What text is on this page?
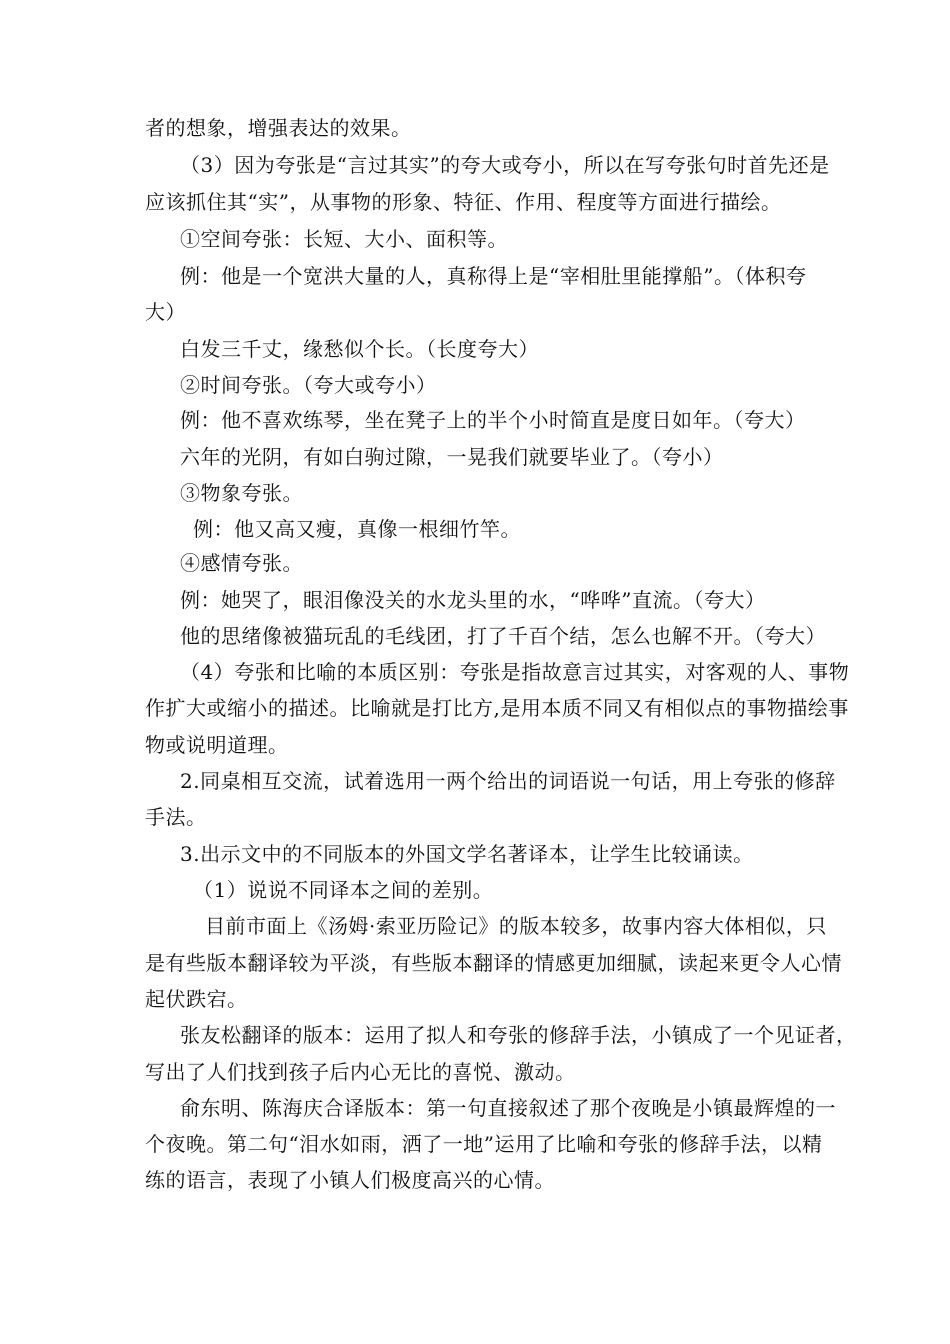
者的想象，增强表达的效果。
（3）因为夸张是“言过其实”的夸大或夸小，所以在写夸张句时首先还是
应该抓住其“实”，从事物的形象、特征、作用、程度等方面进行描绘。
①空间夸张：长短、大小、面积等。
例：他是一个宽洪大量的人，真称得上是“宰相肚里能撑船”。（体积夸
大）
白发三千丈，缘愁似个长。（长度夸大）
②时间夸张。（夸大或夸小）
例：他不喜欢练琴，坐在凳子上的半个小时简直是度日如年。（夸大）
六年的光阴，有如白驹过隙，一晃我们就要毕业了。（夸小）
③物象夸张。
例：他又高又瘦，真像一根细竹竿。
④感情夸张。
例：她哭了，眼泪像没关的水龙头里的水，“哗哗”直流。（夸大）
他的思绪像被猫玩乱的毛线团，打了千百个结，怎么也解不开。（夸大）
（4）夸张和比喻的本质区别：夸张是指故意言过其实，对客观的人、事物
作扩大或缩小的描述。比喻就是打比方,是用本质不同又有相似点的事物描绘事
物或说明道理。
2.同桌相互交流，试着选用一两个给出的词语说一句话，用上夸张的修辞
手法。
3.出示文中的不同版本的外国文学名著译本，让学生比较诵读。
（1）说说不同译本之间的差别。
目前市面上《汤姆·索亚历险记》的版本较多，故事内容大体相似，只
是有些版本翻译较为平淡，有些版本翻译的情感更加细腻，读起来更令人心情
起伏跌宕。
张友松翻译的版本：运用了拟人和夸张的修辞手法，小镇成了一个见证者，
写出了人们找到孩子后内心无比的喜悦、激动。
俞东明、陈海庆合译版本：第一句直接叙述了那个夜晚是小镇最辉煌的一
个夜晚。第二句“泪水如雨，洒了一地”运用了比喻和夸张的修辞手法，以精
练的语言，表现了小镇人们极度高兴的心情。
